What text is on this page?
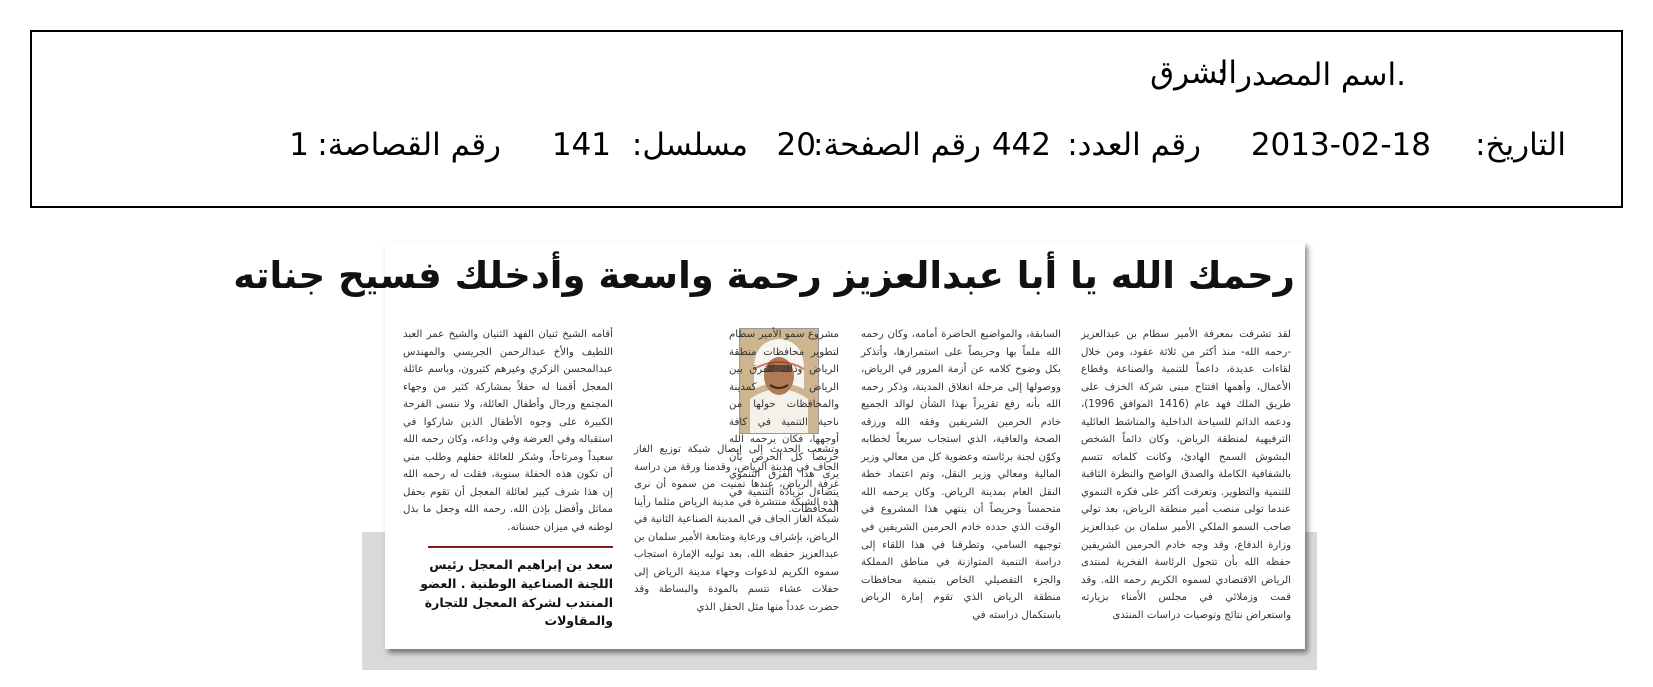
.اسم المصدر :
الشرق
التاريخ:
2013-02-18
رقم العدد:
442
رقم الصفحة:
20
مسلسل:
141
رقم القصاصة:
1
رحمك الله يا أبا عبدالعزيز رحمة واسعة وأدخلك فسيح جناته
لقد تشرفت بمعرفة الأمير سطام بن عبدالعزيز -رحمه الله- منذ أكثر من ثلاثة عقود، ومن خلال لقاءات عديدة، داعماً للتنمية والصناعة وقطاع الأعمال، وأهمها افتتاح مبنى شركة الخزف على طريق الملك فهد عام (1416 الموافق 1996)، ودعمه الدائم للسياحة الداخلية والمناشط العائلية الترفيهية لمنطقة الرياض، وكان دائماً الشخص البشوش السمح الهادئ، وكانت كلماته تتسم بالشفافية الكاملة والصدق الواضح والنظرة الثاقبة للتنمية والتطوير. وتعرفت أكثر على فكره التنموي عندما تولى منصب أمير منطقة الرياض، بعد تولي صاحب السمو الملكي الأمير سلمان بن عبدالعزيز وزارة الدفاع، وقد وجه خادم الحرمين الشريفين حفظه الله بأن تتحول الرئاسة الفخرية لمنتدى الرياض الاقتصادي لسموه الكريم رحمه الله. وقد قمت وزملائي في مجلس الأمناء بزيارته واستعراض نتائج وتوصيات دراسات المنتدى
السابقة، والمواضيع الحاضرة أمامه، وكان رحمه الله ملماً بها وحريصاً على استمرارها، وأتذكر بكل وضوح كلامه عن أزمة المرور في الرياض، ووصولها إلى مرحلة انغلاق المدينة، وذكر رحمه الله بأنه رفع تقريراً بهذا الشأن لوالد الجميع خادم الحرمين الشريفين وفقه الله ورزقه الصحة والعافية، الذي استجاب سريعاً لخطابه وكوّن لجنة برئاسته وعضوية كل من معالي وزير المالية ومعالي وزير النقل، وتم اعتماد خطة النقل العام بمدينة الرياض. وكان يرحمه الله متحمساً وحريصاً أن ينتهي هذا المشروع في الوقت الذي حدده خادم الحرمين الشريفين في توجيهه السامي، وتطرقنا في هذا اللقاء إلى دراسة التنمية المتوازنة في مناطق المملكة والجزء التفصيلي الخاص بتنمية محافظات منطقة الرياض الذي تقوم إمارة الرياض باستكمال دراسته في
مشروع سمو الأمير سطام لتطوير محافظات منطقة الرياض وذلك للفرق بين الرياض كمدينة والمحافظات حولها من ناحية التنمية في كافة أوجهها، فكان يرحمه الله حريصاً كل الحرص بأن يرى هذا الفرق التنموي يتضاءل بزيادة التنمية في المحافظات.
وتشعب الحديث إلى إيصال شبكة توزيع الغاز الجاف في مدينة الرياض، وقدمنا ورقة من دراسة غرفة الرياض، عندها تمنيت من سموه أن نرى هذه الشبكة منتشرة في مدينة الرياض مثلما رأينا شبكة الغاز الجاف في المدينة الصناعية الثانية في الرياض، بإشراف ورعاية ومتابعة الأمير سلمان بن عبدالعزيز حفظه الله. بعد توليه الإمارة استجاب سموه الكريم لدعوات وجهاء مدينة الرياض إلى حفلات عشاء تتسم بالمودة والبساطة وقد حضرت عدداً منها مثل الحفل الذي
أقامه الشيخ ثنيان الفهد الثنيان والشيخ عمر العبد اللطيف والأخ عبدالرحمن الجريسي والمهندس عبدالمحسن الزكري وغيرهم كثيرون، وباسم عائلة المعجل أقمنا له حفلاً بمشاركة كثير من وجهاء المجتمع ورجال وأطفال العائلة، ولا ننسى الفرحة الكبيرة على وجوه الأطفال الذين شاركوا في استقباله وفي العرضة وفي وداعه، وكان رحمه الله سعيداً ومرتاحاً، وشكر للعائلة حفلهم وطلب مني أن تكون هذه الحفلة سنوية، فقلت له رحمه الله إن هذا شرف كبير لعائلة المعجل أن تقوم بحفل مماثل وأفضل بإذن الله. رحمه الله وجعل ما بذل لوطنه في ميزان حسناته.
سعد بن إبراهيم المعجل رئيس اللجنة الصناعية الوطنية . العضو المنتدب لشركة المعجل للتجارة والمقاولات
